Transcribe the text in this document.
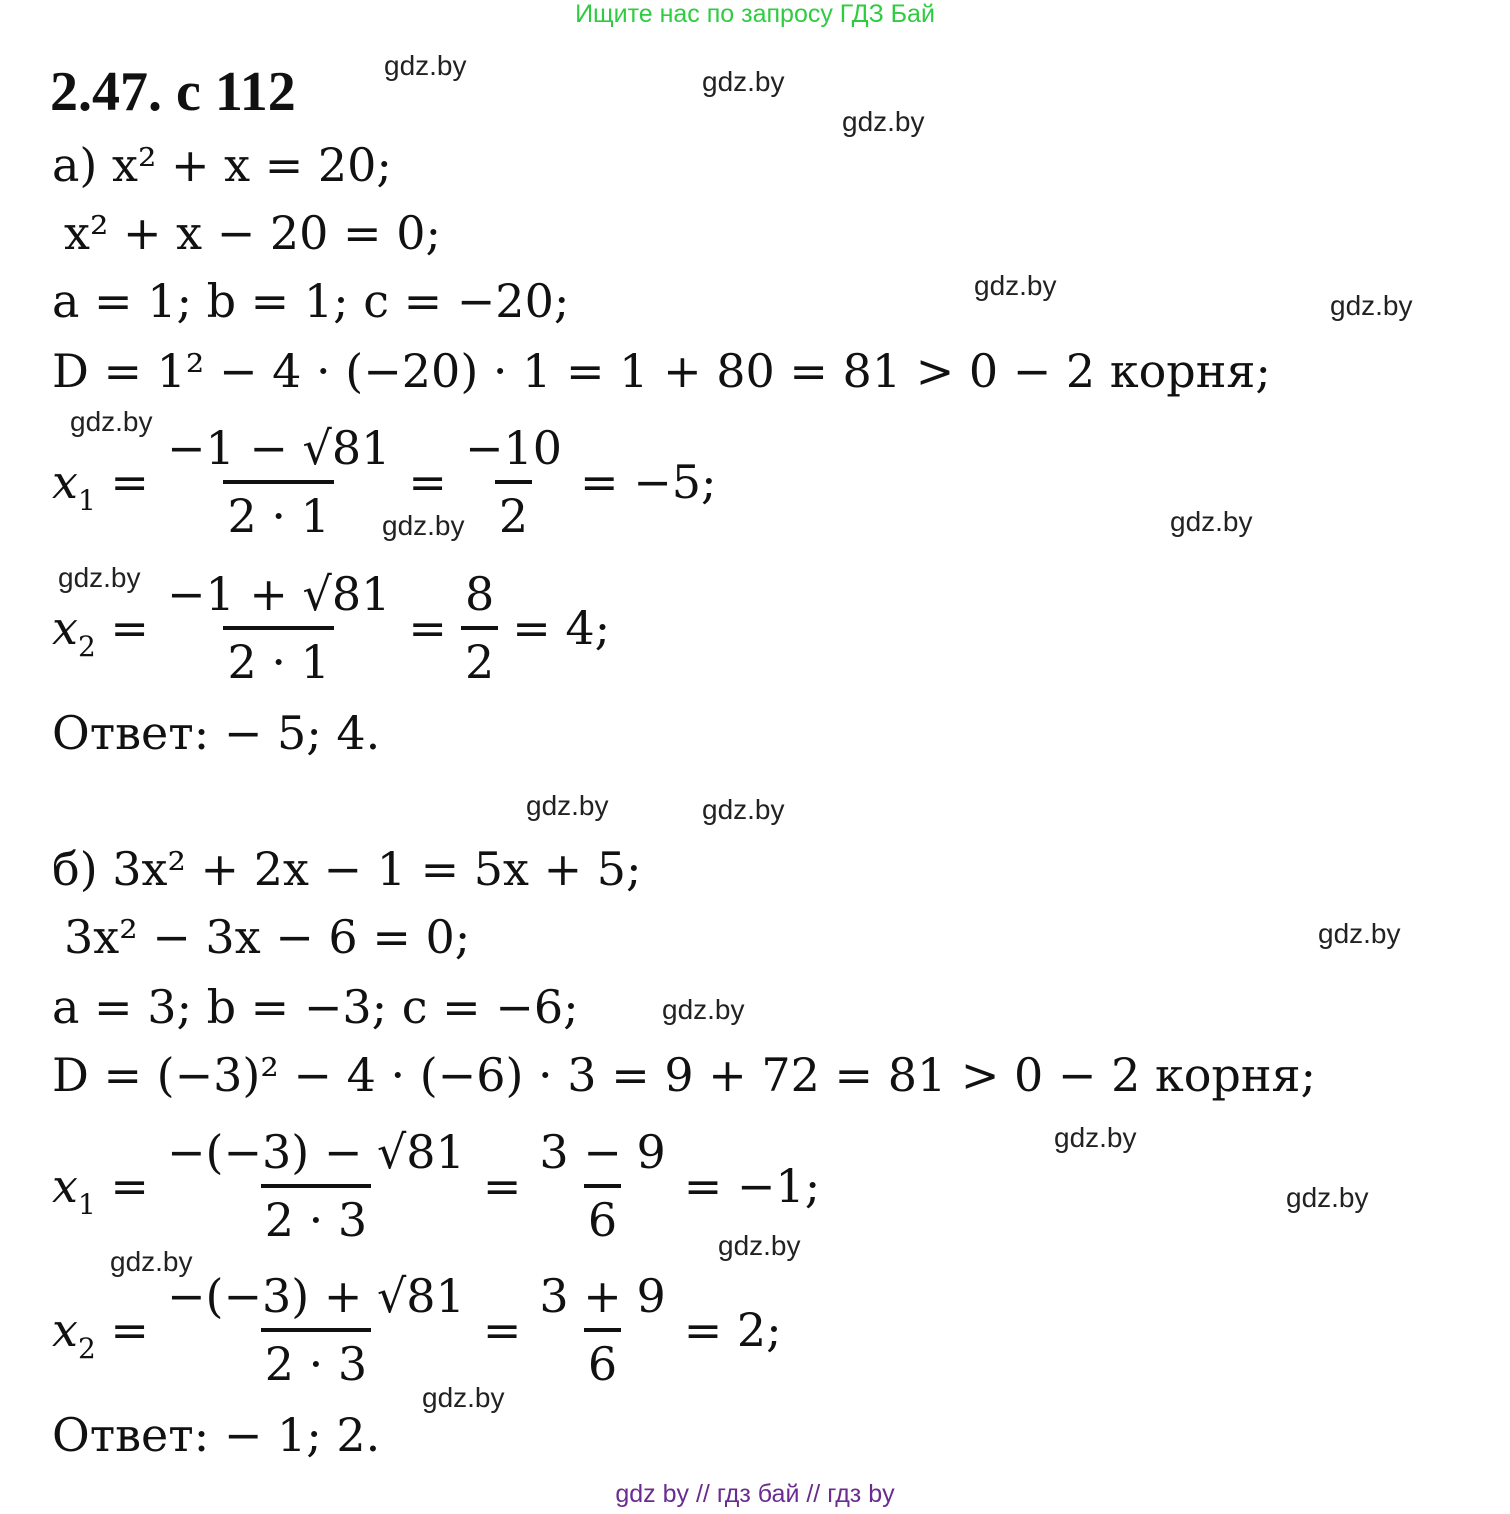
Ищите нас по запросу ГДЗ Бай
2.47. с 112	gdz.by
gdz.by
gdz.by
gdz.by
gdz.by
gdz.by
gdz.by	gdz.by
gdz.by
gdz.by	gdz.by
gdz.by
gdz.by
gdz.by
gdz.by
gdz.by
gdz.by
gdz.by
а) x² + x = 20;
x² + x − 20 = 0;
a = 1; b = 1; c = −20;
D = 1² − 4 · (−20) · 1 = 1 + 80 = 81 > 0 − 2 корня;
$x_1 = \frac{-1 - √81}{2 \cdot 1} = \frac{-10}{2} = -5$;
$x_2 = \frac{-1 + √81}{2 \cdot 1} = \frac{8}{2} = 4$;
Ответ: − 5; 4.
б) 3x² + 2x − 1 = 5x + 5;
3x² − 3x − 6 = 0;
a = 3; b = −3; c = −6;
D = (−3)² − 4 · (−6) · 3 = 9 + 72 = 81 > 0 − 2 корня;
$x_1 = \frac{-(-3) - √81}{2 \cdot 3} = \frac{3 - 9}{6} = -1$;
$x_2 = \frac{-(-3) + √81}{2 \cdot 3} = \frac{3 + 9}{6} = 2$;
Ответ: − 1; 2.
gdz by // гдз бай // гдз by
